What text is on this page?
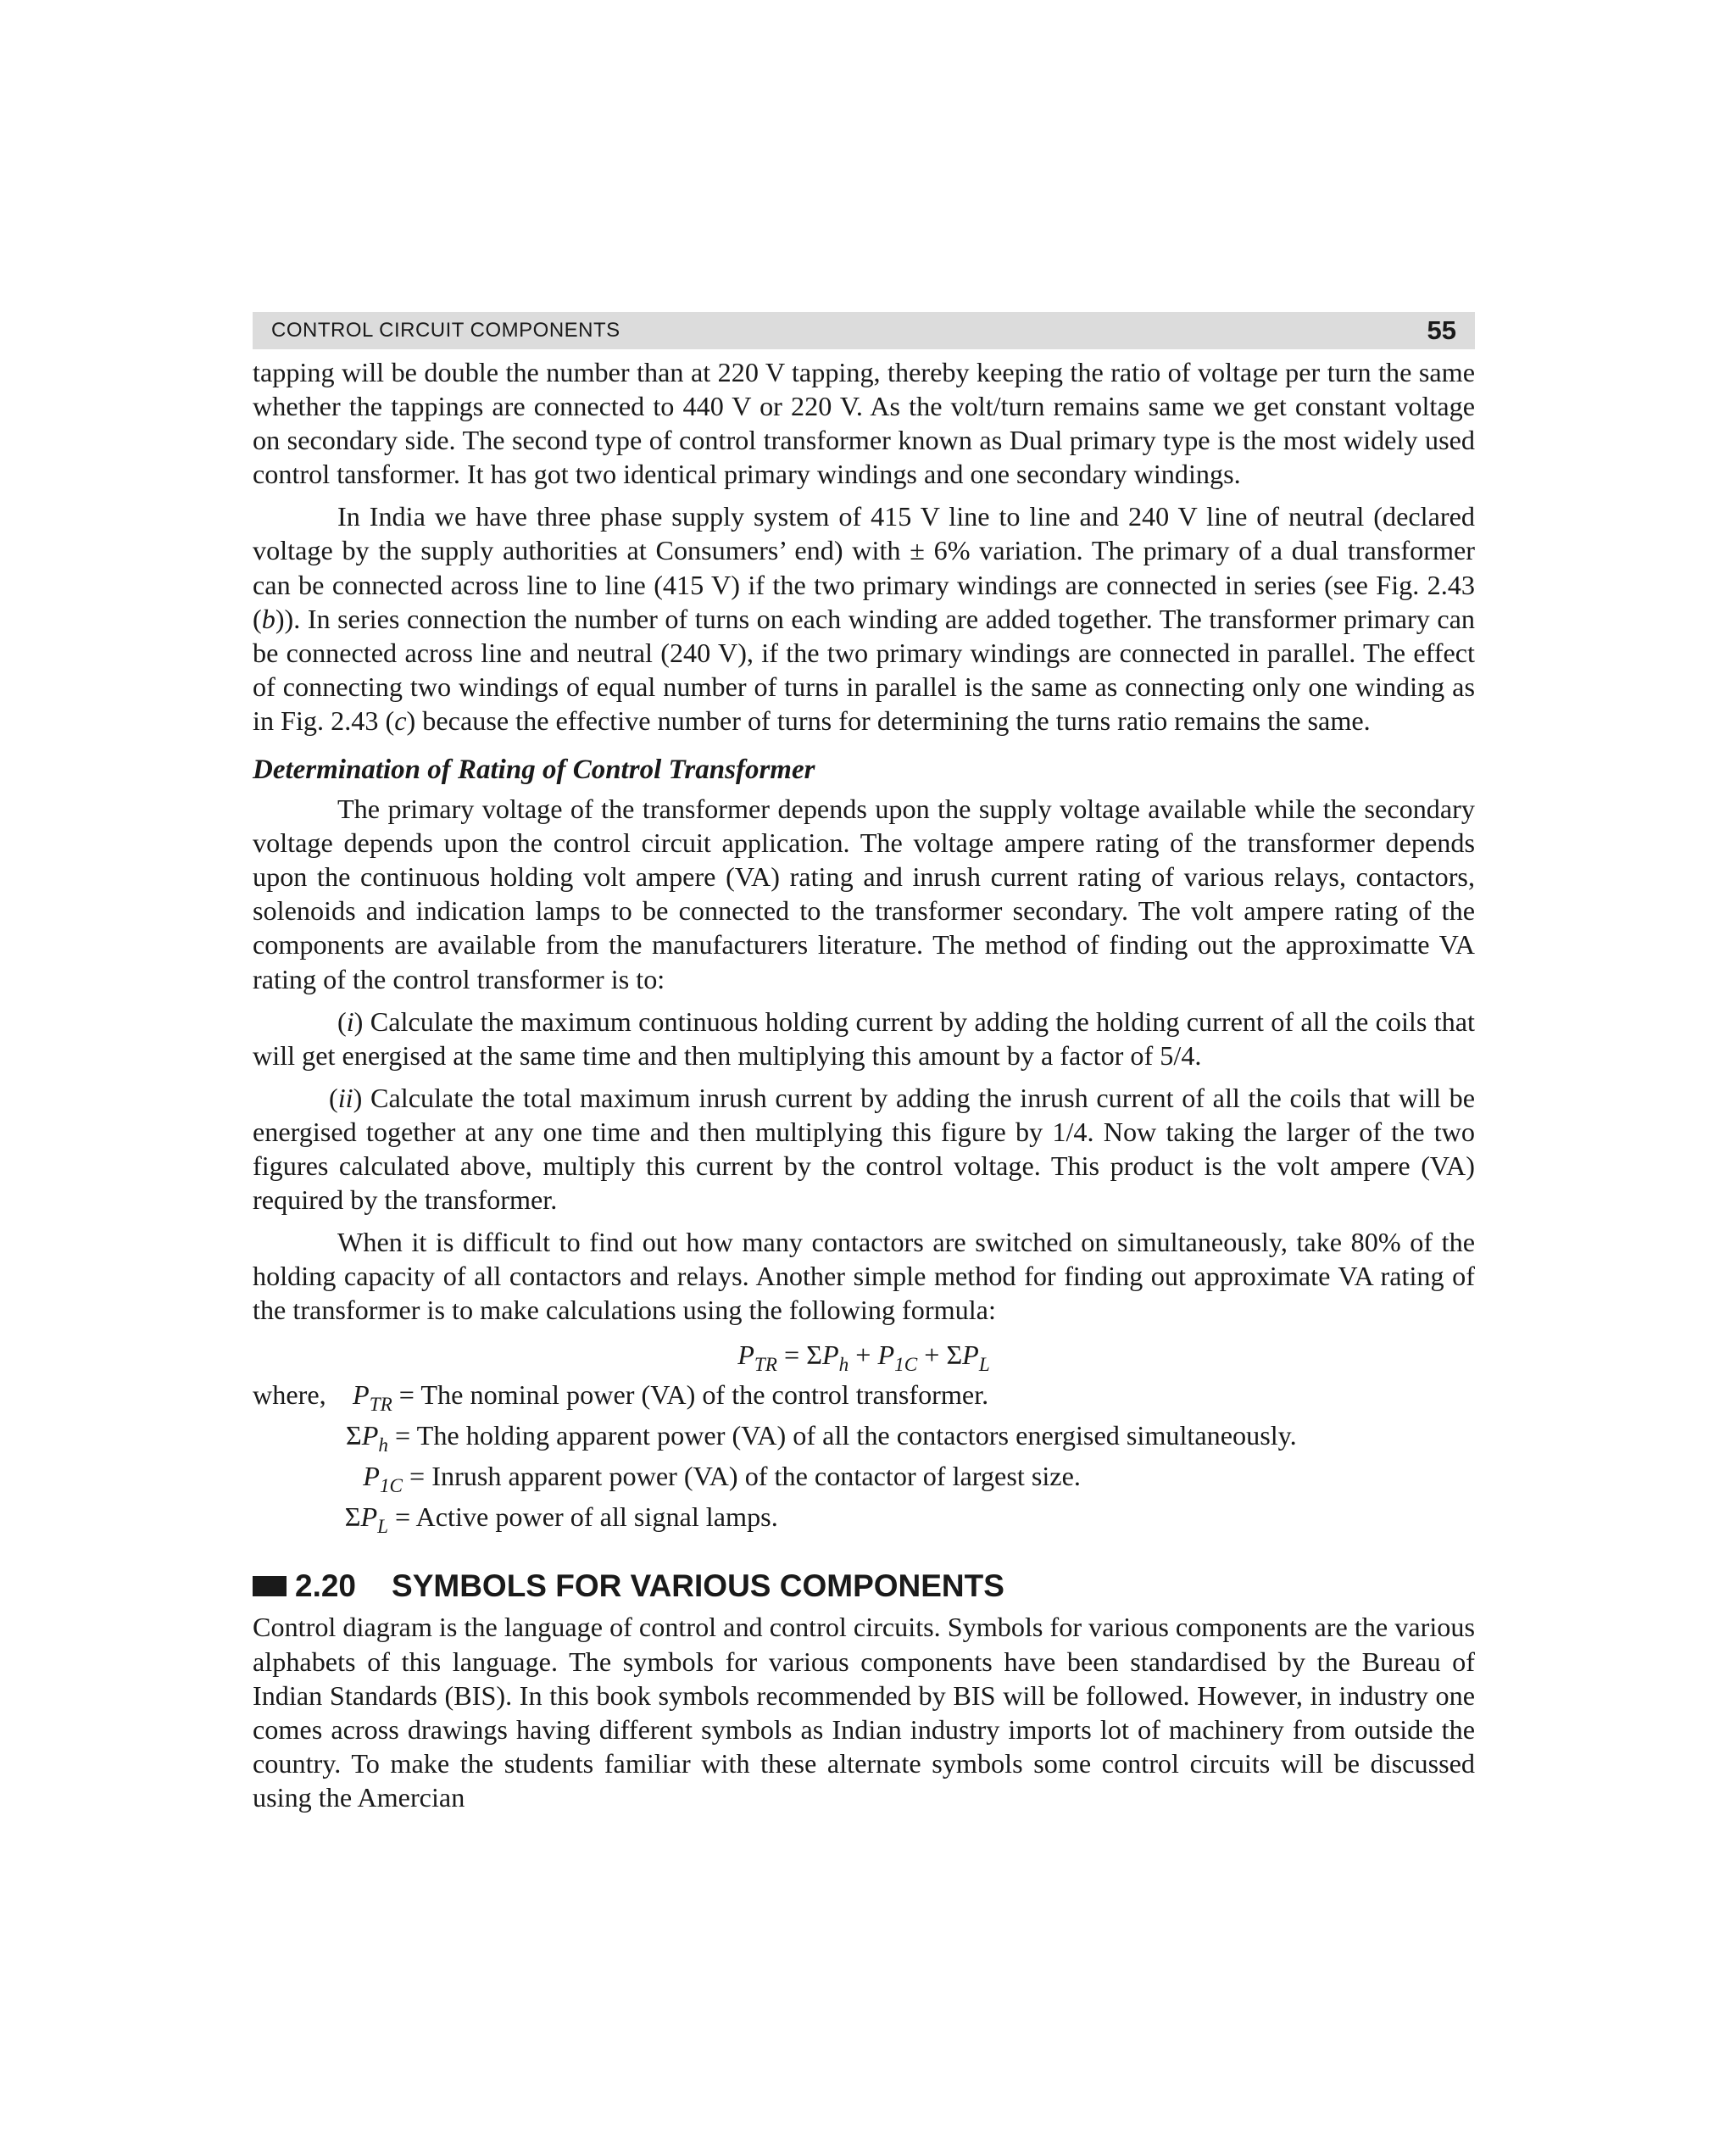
CONTROL CIRCUIT COMPONENTS	55

tapping will be double the number than at 220 V tapping, thereby keeping the ratio of voltage per turn the same whether the tappings are connected to 440 V or 220 V. As the volt/turn remains same we get constant voltage on secondary side. The second type of control transformer known as Dual primary type is the most widely used control tansformer. It has got two identical primary windings and one secondary windings.

In India we have three phase supply system of 415 V line to line and 240 V line of neutral (declared voltage by the supply authorities at Consumers’ end) with ± 6% variation. The primary of a dual transformer can be connected across line to line (415 V) if the two primary windings are connected in series (see Fig. 2.43 (b)). In series connection the number of turns on each winding are added together. The transformer primary can be connected across line and neutral (240 V), if the two primary windings are connected in parallel. The effect of connecting two windings of equal number of turns in parallel is the same as connecting only one winding as in Fig. 2.43 (c) because the effective number of turns for determining the turns ratio remains the same.

Determination of Rating of Control Transformer

The primary voltage of the transformer depends upon the supply voltage available while the secondary voltage depends upon the control circuit application. The voltage ampere rating of the transformer depends upon the continuous holding volt ampere (VA) rating and inrush current rating of various relays, contactors, solenoids and indication lamps to be connected to the transformer secondary. The volt ampere rating of the components are available from the manufacturers literature. The method of finding out the approximatte VA rating of the control transformer is to:

(i) Calculate the maximum continuous holding current by adding the holding current of all the coils that will get energised at the same time and then multiplying this amount by a factor of 5/4.

(ii) Calculate the total maximum inrush current by adding the inrush current of all the coils that will be energised together at any one time and then multiplying this figure by 1/4. Now taking the larger of the two figures calculated above, multiply this current by the control voltage. This product is the volt ampere (VA) required by the transformer.

When it is difficult to find out how many contactors are switched on simultaneously, take 80% of the holding capacity of all contactors and relays. Another simple method for finding out approximate VA rating of the transformer is to make calculations using the following formula:

$P_{TR} = \Sigma P_h + P_{1C} + \Sigma P_L$
where, $P_{TR}$ = The nominal power (VA) of the control transformer.
$\Sigma P_h$ = The holding apparent power (VA) of all the contactors energised simultaneously.
$P_{1C}$ = Inrush apparent power (VA) of the contactor of largest size.
$\Sigma P_L$ = Active power of all signal lamps.
2.20 SYMBOLS FOR VARIOUS COMPONENTS

Control diagram is the language of control and control circuits. Symbols for various components are the various alphabets of this language. The symbols for various components have been standardised by the Bureau of Indian Standards (BIS). In this book symbols recommended by BIS will be followed. However, in industry one comes across drawings having different symbols as Indian industry imports lot of machinery from outside the country. To make the students familiar with these alternate symbols some control circuits will be discussed using the Amercian
